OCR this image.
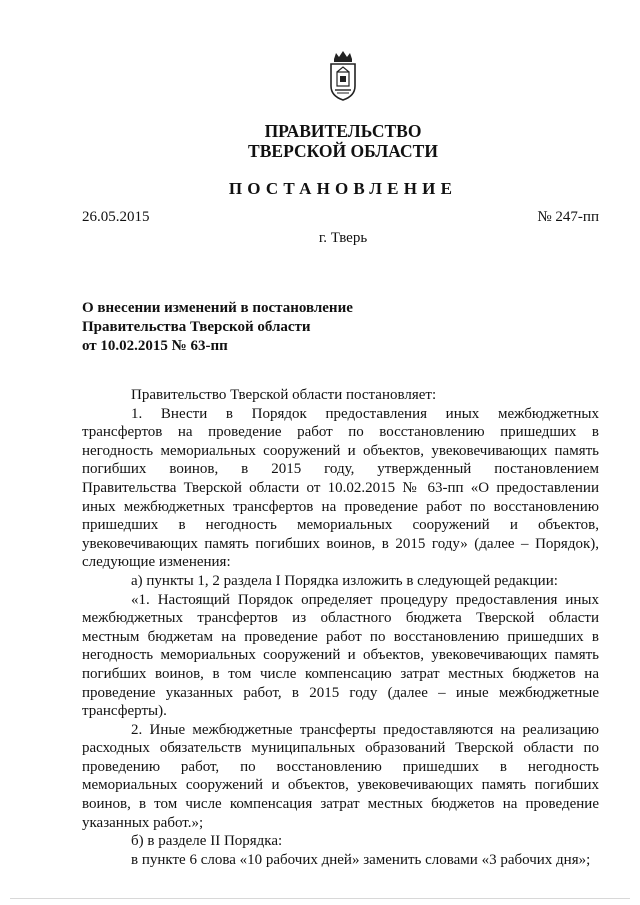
ПРАВИТЕЛЬСТВО
ТВЕРСКОЙ ОБЛАСТИ
ПОСТАНОВЛЕНИЕ
26.05.2015	№ 247-пп
г. Тверь
О внесении изменений в постановление
Правительства Тверской области
от 10.02.2015 № 63-пп
Правительство Тверской области постановляет:
1. Внести в Порядок предоставления иных межбюджетных
трансфертов на проведение работ по восстановлению пришедших в
негодность мемориальных сооружений и объектов, увековечивающих память
погибших воинов, в 2015 году, утвержденный постановлением
Правительства Тверской области от 10.02.2015 № 63-пп «О предоставлении
иных межбюджетных трансфертов на проведение работ по восстановлению
пришедших в негодность мемориальных сооружений и объектов,
увековечивающих память погибших воинов, в 2015 году» (далее – Порядок),
следующие изменения:
а) пункты 1, 2 раздела I Порядка изложить в следующей редакции:
«1. Настоящий Порядок определяет процедуру предоставления иных
межбюджетных трансфертов из областного бюджета Тверской области
местным бюджетам на проведение работ по восстановлению пришедших в
негодность мемориальных сооружений и объектов, увековечивающих память
погибших воинов, в том числе компенсацию затрат местных бюджетов на
проведение указанных работ, в 2015 году (далее – иные межбюджетные
трансферты).
2. Иные межбюджетные трансферты предоставляются на реализацию
расходных обязательств муниципальных образований Тверской области по
проведению работ, по восстановлению пришедших в негодность
мемориальных сооружений и объектов, увековечивающих память погибших
воинов, в том числе компенсация затрат местных бюджетов на проведение
указанных работ.»;
б) в разделе II Порядка:
в пункте 6 слова «10 рабочих дней» заменить словами «3 рабочих дня»;
